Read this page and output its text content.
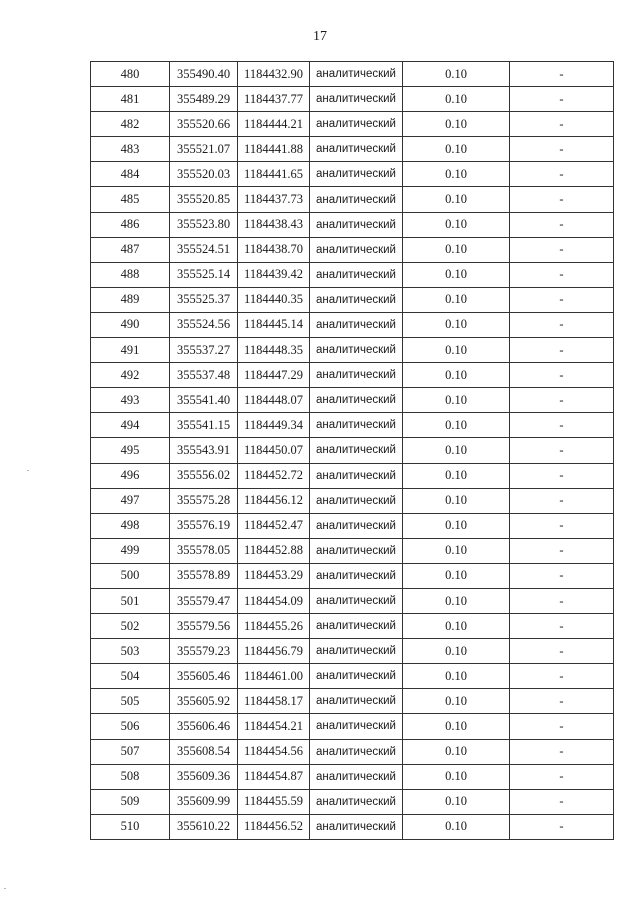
17
480	355490.40	1184432.90	аналитический	0.10	-
481	355489.29	1184437.77	аналитический	0.10	-
482	355520.66	1184444.21	аналитический	0.10	-
483	355521.07	1184441.88	аналитический	0.10	-
484	355520.03	1184441.65	аналитический	0.10	-
485	355520.85	1184437.73	аналитический	0.10	-
486	355523.80	1184438.43	аналитический	0.10	-
487	355524.51	1184438.70	аналитический	0.10	-
488	355525.14	1184439.42	аналитический	0.10	-
489	355525.37	1184440.35	аналитический	0.10	-
490	355524.56	1184445.14	аналитический	0.10	-
491	355537.27	1184448.35	аналитический	0.10	-
492	355537.48	1184447.29	аналитический	0.10	-
493	355541.40	1184448.07	аналитический	0.10	-
494	355541.15	1184449.34	аналитический	0.10	-
495	355543.91	1184450.07	аналитический	0.10	-
496	355556.02	1184452.72	аналитический	0.10	-
497	355575.28	1184456.12	аналитический	0.10	-
498	355576.19	1184452.47	аналитический	0.10	-
499	355578.05	1184452.88	аналитический	0.10	-
500	355578.89	1184453.29	аналитический	0.10	-
501	355579.47	1184454.09	аналитический	0.10	-
502	355579.56	1184455.26	аналитический	0.10	-
503	355579.23	1184456.79	аналитический	0.10	-
504	355605.46	1184461.00	аналитический	0.10	-
505	355605.92	1184458.17	аналитический	0.10	-
506	355606.46	1184454.21	аналитический	0.10	-
507	355608.54	1184454.56	аналитический	0.10	-
508	355609.36	1184454.87	аналитический	0.10	-
509	355609.99	1184455.59	аналитический	0.10	-
510	355610.22	1184456.52	аналитический	0.10	-
